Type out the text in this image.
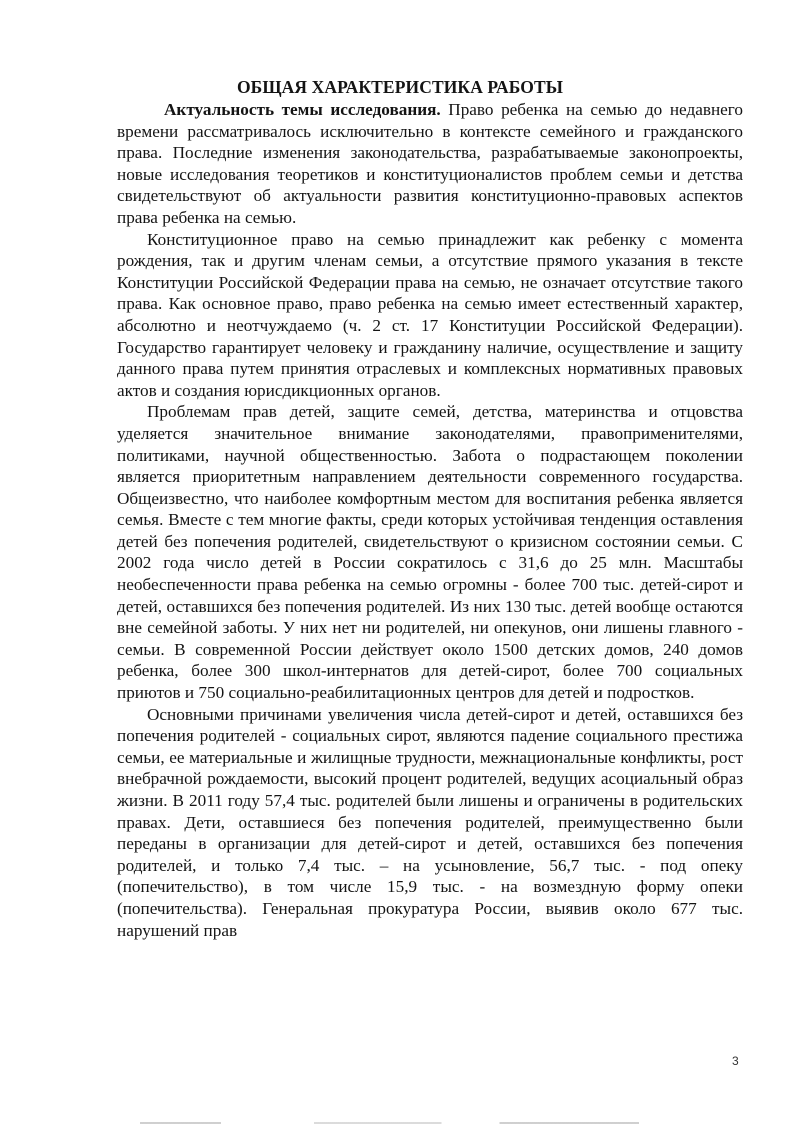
ОБЩАЯ ХАРАКТЕРИСТИКА РАБОТЫ

Актуальность темы исследования. Право ребенка на семью до недавнего времени рассматривалось исключительно в контексте семейного и гражданского права. Последние изменения законодательства, разрабатываемые законопроекты, новые исследования теоретиков и конституционалистов проблем семьи и детства свидетельствуют об актуальности развития конституционно-правовых аспектов права ребенка на семью.

Конституционное право на семью принадлежит как ребенку с момента рождения, так и другим членам семьи, а отсутствие прямого указания в тексте Конституции Российской Федерации права на семью, не означает отсутствие такого права. Как основное право, право ребенка на семью имеет естественный характер, абсолютно и неотчуждаемо (ч. 2 ст. 17 Конституции Российской Федерации). Государство гарантирует человеку и гражданину наличие, осуществление и защиту данного права путем принятия отраслевых и комплексных нормативных правовых актов и создания юрисдикционных органов.

Проблемам прав детей, защите семей, детства, материнства и отцовства уделяется значительное внимание законодателями, правоприменителями, политиками, научной общественностью. Забота о подрастающем поколении является приоритетным направлением деятельности современного государства. Общеизвестно, что наиболее комфортным местом для воспитания ребенка является семья. Вместе с тем многие факты, среди которых устойчивая тенденция оставления детей без попечения родителей, свидетельствуют о кризисном состоянии семьи. С 2002 года число детей в России сократилось с 31,6 до 25 млн. Масштабы необеспеченности права ребенка на семью огромны - более 700 тыс. детей-сирот и детей, оставшихся без попечения родителей. Из них 130 тыс. детей вообще остаются вне семейной заботы. У них нет ни родителей, ни опекунов, они лишены главного - семьи. В современной России действует около 1500 детских домов, 240 домов ребенка, более 300 школ-интернатов для детей-сирот, более 700 социальных приютов и 750 социально-реабилитационных центров для детей и подростков.

Основными причинами увеличения числа детей-сирот и детей, оставшихся без попечения родителей - социальных сирот, являются падение социального престижа семьи, ее материальные и жилищные трудности, межнациональные конфликты, рост внебрачной рождаемости, высокий процент родителей, ведущих асоциальный образ жизни. В 2011 году 57,4 тыс. родителей были лишены и ограничены в родительских правах. Дети, оставшиеся без попечения родителей, преимущественно были переданы в организации для детей-сирот и детей, оставшихся без попечения родителей, и только 7,4 тыс. – на усыновление, 56,7 тыс. - под опеку (попечительство), в том числе 15,9 тыс. - на возмездную форму опеки (попечительства). Генеральная прокуратура России, выявив около 677 тыс. нарушений прав

3
